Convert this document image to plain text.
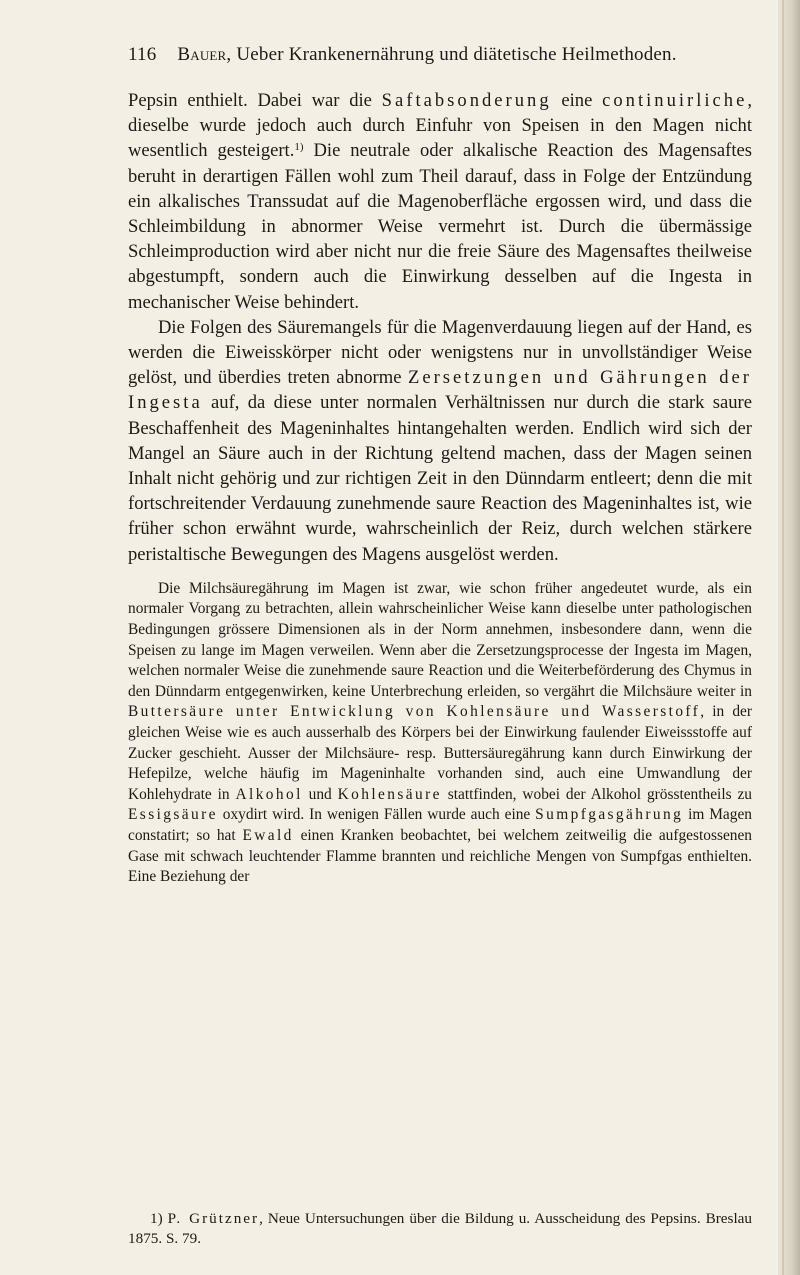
116 Bauer, Ueber Krankenernährung und diätetische Heilmethoden.

Pepsin enthielt. Dabei war die Saftabsonderung eine continuirliche, dieselbe wurde jedoch auch durch Einfuhr von Speisen in den Magen nicht wesentlich gesteigert.$^{1)}$ Die neutrale oder alkalische Reaction des Magensaftes beruht in derartigen Fällen wohl zum Theil darauf, dass in Folge der Entzündung ein alkalisches Transsudat auf die Magenoberfläche ergossen wird, und dass die Schleimbildung in abnormer Weise vermehrt ist. Durch die übermässige Schleimproduction wird aber nicht nur die freie Säure des Magensaftes theilweise abgestumpft, sondern auch die Einwirkung desselben auf die Ingesta in mechanischer Weise behindert.

Die Folgen des Säuremangels für die Magenverdauung liegen auf der Hand, es werden die Eiweisskörper nicht oder wenigstens nur in unvollständiger Weise gelöst, und überdies treten abnorme Zersetzungen und Gährungen der Ingesta auf, da diese unter normalen Verhältnissen nur durch die stark saure Beschaffenheit des Mageninhaltes hintangehalten werden. Endlich wird sich der Mangel an Säure auch in der Richtung geltend machen, dass der Magen seinen Inhalt nicht gehörig und zur richtigen Zeit in den Dünndarm entleert; denn die mit fortschreitender Verdauung zunehmende saure Reaction des Mageninhaltes ist, wie früher schon erwähnt wurde, wahrscheinlich der Reiz, durch welchen stärkere peristaltische Bewegungen des Magens ausgelöst werden.

Die Milchsäuregährung im Magen ist zwar, wie schon früher angedeutet wurde, als ein normaler Vorgang zu betrachten, allein wahrscheinlicher Weise kann dieselbe unter pathologischen Bedingungen grössere Dimensionen als in der Norm annehmen, insbesondere dann, wenn die Speisen zu lange im Magen verweilen. Wenn aber die Zersetzungsprocesse der Ingesta im Magen, welchen normaler Weise die zunehmende saure Reaction und die Weiterbeförderung des Chymus in den Dünndarm entgegenwirken, keine Unterbrechung erleiden, so vergährt die Milchsäure weiter in Buttersäure unter Entwicklung von Kohlensäure und Wasserstoff, in der gleichen Weise wie es auch ausserhalb des Körpers bei der Einwirkung faulender Eiweissstoffe auf Zucker geschieht. Ausser der Milchsäure- resp. Buttersäuregährung kann durch Einwirkung der Hefepilze, welche häufig im Mageninhalte vorhanden sind, auch eine Umwandlung der Kohlehydrate in Alkohol und Kohlensäure stattfinden, wobei der Alkohol grösstentheils zu Essigsäure oxydirt wird. In wenigen Fällen wurde auch eine Sumpfgasgährung im Magen constatirt; so hat Ewald einen Kranken beobachtet, bei welchem zeitweilig die aufgestossenen Gase mit schwach leuchtender Flamme brannten und reichliche Mengen von Sumpfgas enthielten. Eine Beziehung der

1) P. Grützner, Neue Untersuchungen über die Bildung u. Ausscheidung des Pepsins. Breslau 1875. S. 79.
